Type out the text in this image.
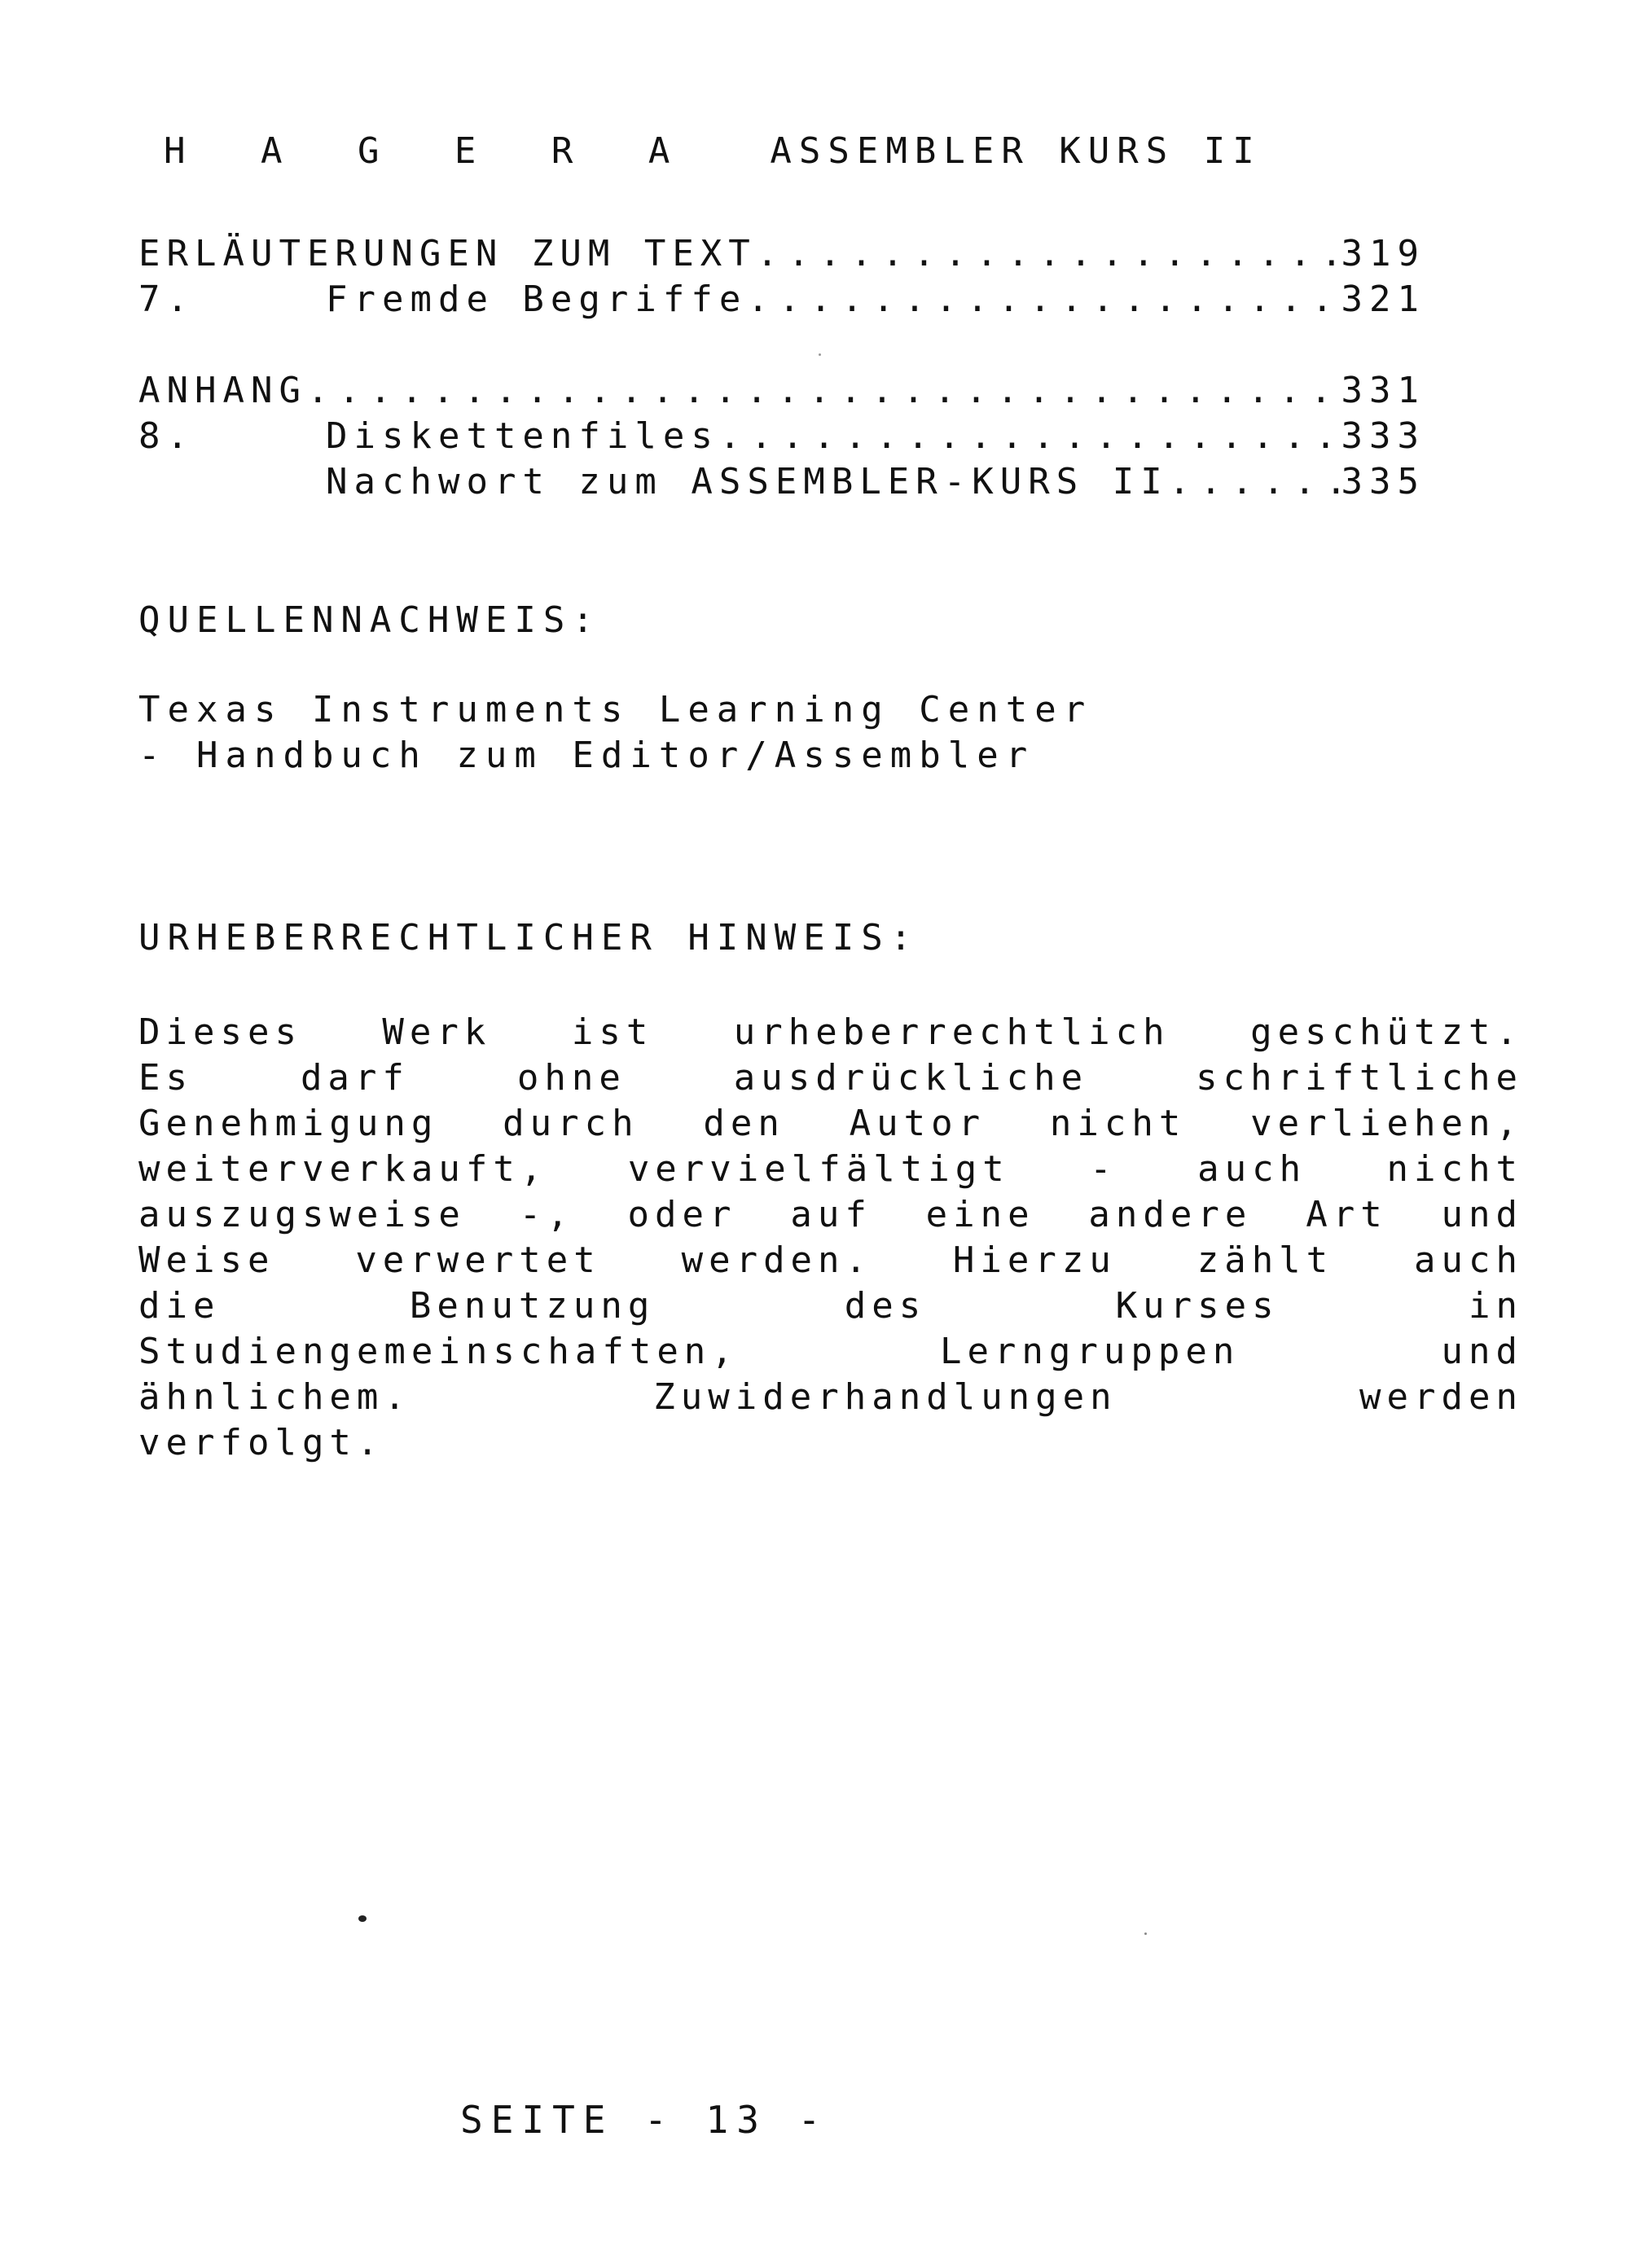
H A G E R A ASSEMBLER KURS II

ERLÄUTERUNGEN ZUM TEXT .....	319
7.	Fremde Begriffe .....	321
ANHANG .....	331
8.	Diskettenfiles .....	333
Nachwort zum ASSEMBLER-KURS II .....	335
QUELLENNACHWEIS:
Texas Instruments Learning Center
- Handbuch zum Editor/Assembler
URHEBERRECHTLICHER HINWEIS:
Dieses Werk ist urheberrechtlich geschützt.
Es darf ohne ausdrückliche schriftliche
Genehmigung durch den Autor nicht verliehen,
weiterverkauft, vervielfältigt - auch nicht
auszugsweise -, oder auf eine andere Art und
Weise verwertet werden. Hierzu zählt auch
die Benutzung des Kurses in
Studiengemeinschaften, Lerngruppen und
ähnlichem. Zuwiderhandlungen werden
verfolgt.
SEITE - 13 -
